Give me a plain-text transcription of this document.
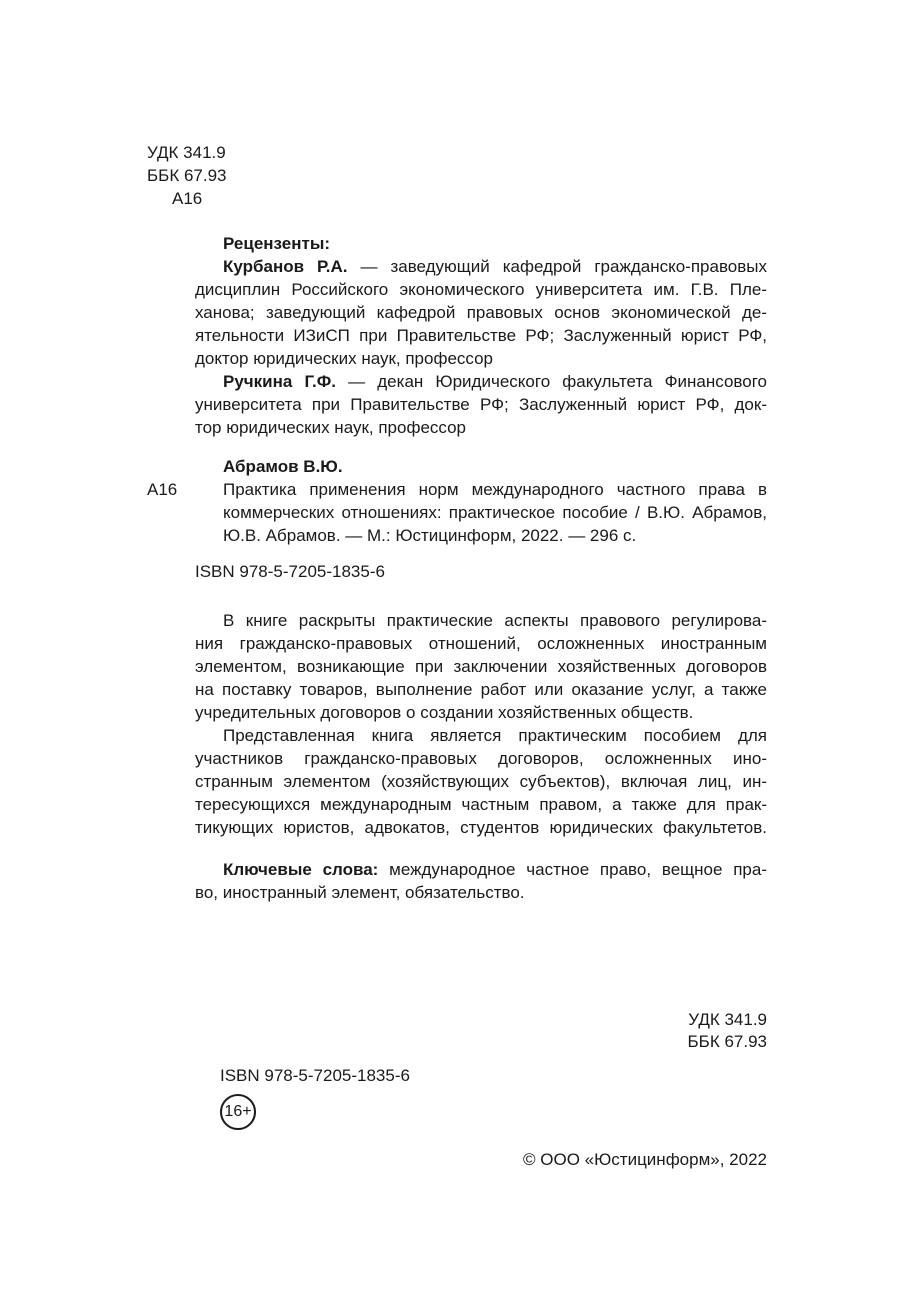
УДК 341.9
ББК 67.93
А16
Рецензенты:
Курбанов Р.А. — заведующий кафедрой гражданско-правовых
дисциплин Российского экономического университета им. Г.В. Пле-
ханова; заведующий кафедрой правовых основ экономической де-
ятельности ИЗиСП при Правительстве РФ; Заслуженный юрист РФ,
доктор юридических наук, профессор
Ручкина Г.Ф. — декан Юридического факультета Финансового
университета при Правительстве РФ; Заслуженный юрист РФ, док-
тор юридических наук, профессор
Абрамов В.Ю.
Практика применения норм международного частного права в
коммерческих отношениях: практическое пособие / В.Ю. Абрамов,
Ю.В. Абрамов. — М.: Юстицинформ, 2022. — 296 с.
А16
ISBN 978-5-7205-1835-6
В книге раскрыты практические аспекты правового регулирова-
ния гражданско-правовых отношений, осложненных иностранным
элементом, возникающие при заключении хозяйственных договоров
на поставку товаров, выполнение работ или оказание услуг, а также
учредительных договоров о создании хозяйственных обществ.
Представленная книга является практическим пособием для
участников гражданско-правовых договоров, осложненных ино-
странным элементом (хозяйствующих субъектов), включая лиц, ин-
тересующихся международным частным правом, а также для прак-
тикующих юристов, адвокатов, студентов юридических факультетов.
Ключевые слова: международное частное право, вещное пра-
во, иностранный элемент, обязательство.
УДК 341.9
ББК 67.93
ISBN 978-5-7205-1835-6
16+
© ООО «Юстицинформ», 2022
